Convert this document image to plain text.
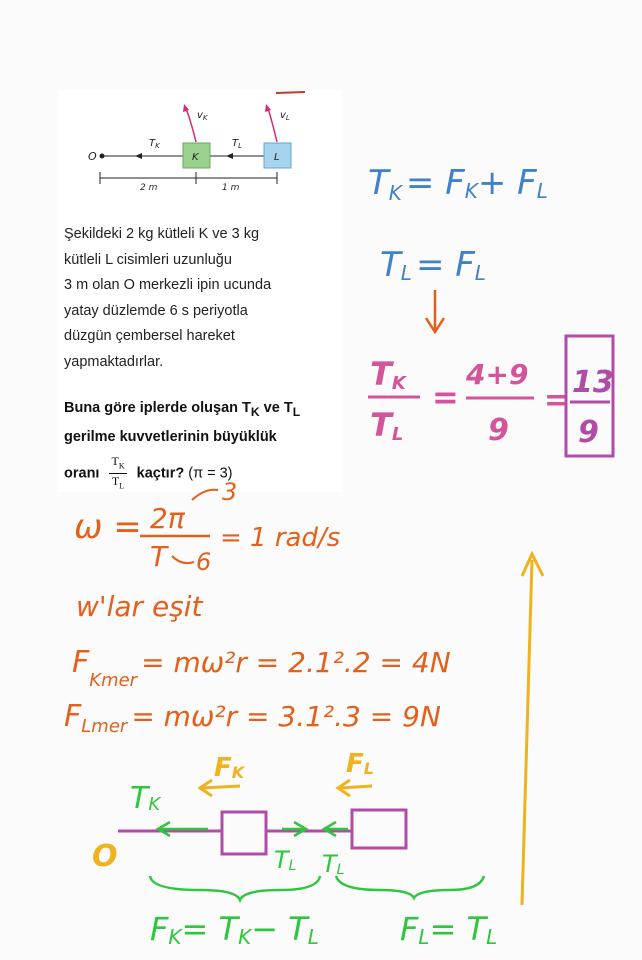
O
$T_K$	$T_L$
K	L
$v_K$	$v_L$
2 m	1 m
Şekildeki 2 kg kütleli K ve 3 kg
kütleli L cisimleri uzunluğu
3 m olan O merkezli ipin ucunda
yatay düzlemde 6 s periyotla
düzgün çembersel hareket
yapmaktadırlar.
Buna göre iplerde oluşan $T_K$ ve $T_L$
gerilme kuvvetlerinin büyüklük
oranı $\frac{T_K}{T_L}$ kaçtır? (π = 3)
TK = FK+ FL
TL = FL
TK
TL
=
4+9
9
=
13
9
ω = 2π
3
T 6
= 1 rad/s
w'lar eşit
$F_{Kmer}= m\omega^2r = 2.1^2.2 = 4N$
$F_{Lmer} = m\omega^2r = 3.1^2.3 = 9N$
FK	FL
TK
O	TL TL
FK= TK− TL	FL= TL
